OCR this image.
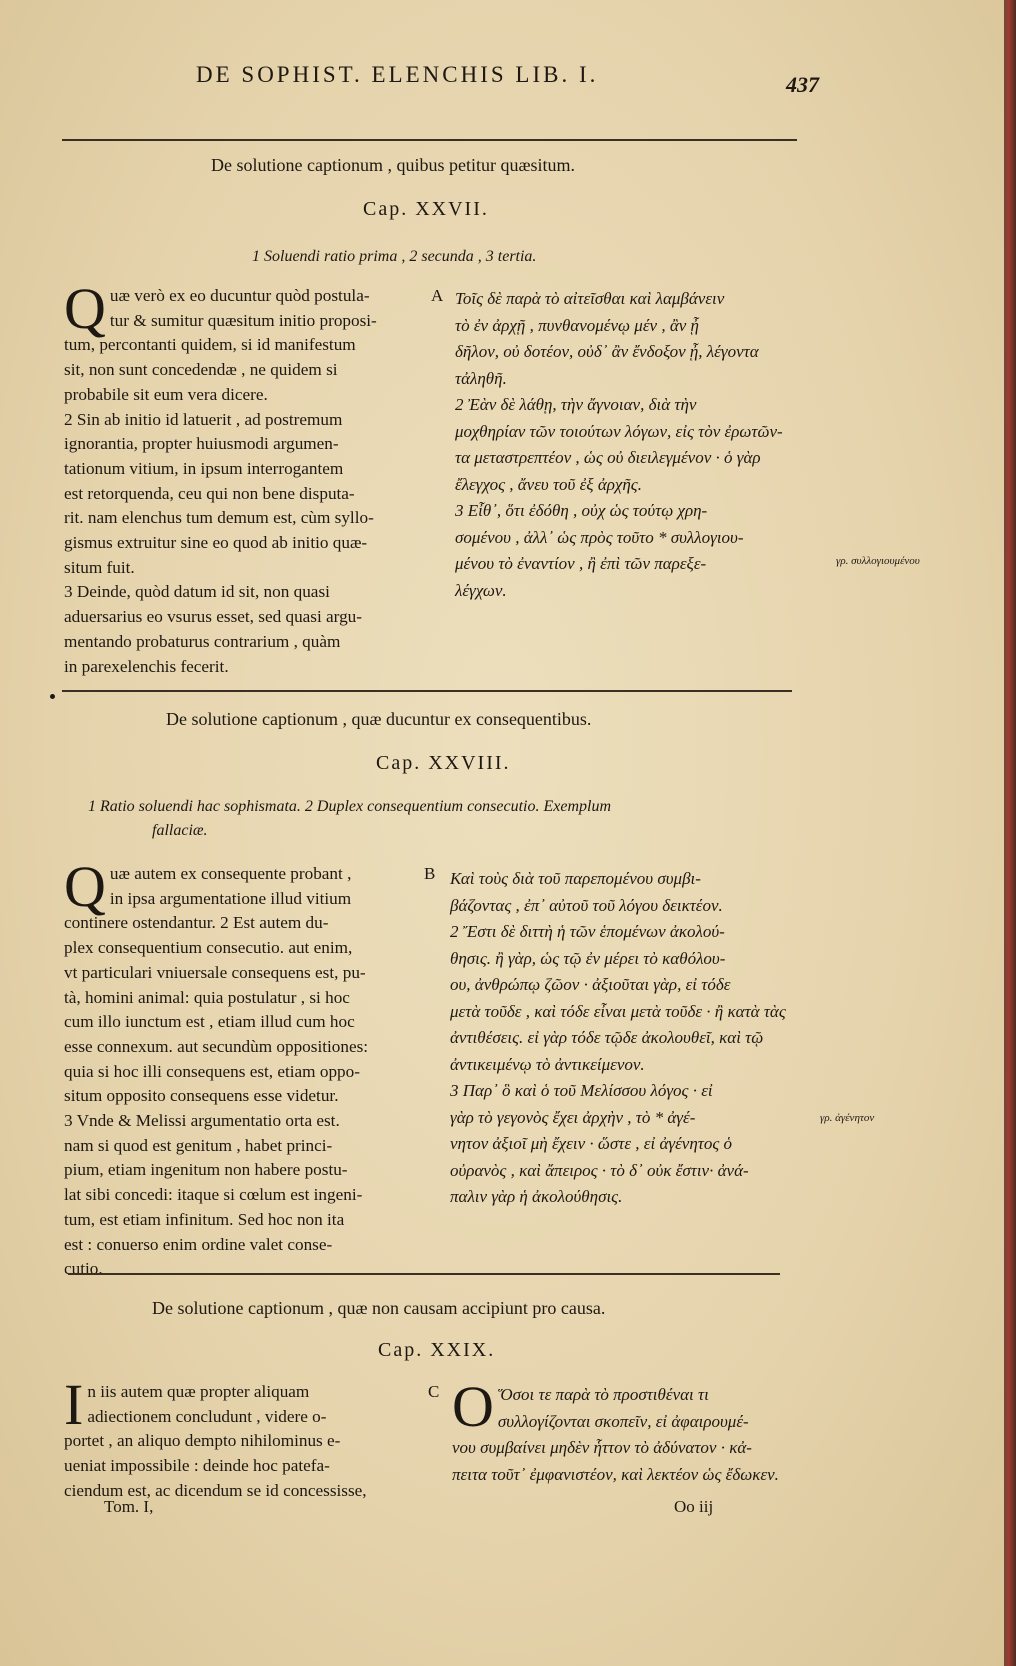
DE SOPHIST. ELENCHIS LIB. I.	437
De solutione captionum , quibus petitur quæsitum.
Cap. XXVII.
1 Soluendi ratio prima , 2 secunda , 3 tertia.

Quæ verò ex eo ducuntur quòd postula-

tur & sumitur quæsitum initio proposi-

tum, percontanti quidem, si id manifestum

sit, non sunt concedendæ , ne quidem si

probabile sit eum vera dicere.

2 Sin ab initio id latuerit , ad postremum

ignorantia, propter huiusmodi argumen-

tationum vitium, in ipsum interrogantem

est retorquenda, ceu qui non bene disputa-

rit. nam elenchus tum demum est, cùm syllo-

gismus extruitur sine eo quod ab initio quæ-

situm fuit.

3 Deinde, quòd datum id sit, non quasi

aduersarius eo vsurus esset, sed quasi argu-

mentando probaturus contrarium , quàm

in parexelenchis fecerit.

A Τοῖς δὲ παρὰ τὸ αἰτεῖσθαι καὶ λαμβάνειν

τὸ ἐν ἀρχῇ , πυνθανομένῳ μέν , ἂν ᾖ

δῆλον, οὐ δοτέον, οὐδ᾽ ἂν ἔνδοξον ᾖ, λέγοντα

τἀληθῆ.

2 Ἐὰν δὲ λάθῃ, τὴν ἄγνοιαν, διὰ τὴν

μοχθηρίαν τῶν τοιούτων λόγων, εἰς τὸν ἐρωτῶν-

τα μεταστρεπτέον , ὡς οὐ διειλεγμένον · ὁ γὰρ

ἔλεγχος , ἄνευ τοῦ ἐξ ἀρχῆς.

3 Εἶθ᾽, ὅτι ἐδόθη , οὐχ ὡς τούτῳ χρη-

σομένου , ἀλλ᾽ ὡς πρὸς τοῦτο * συλλογιου-

μένου τὸ ἐναντίον , ἢ ἐπὶ τῶν παρεξε-

λέγχων.

γρ. συλλογιουμένου
De solutione captionum , quæ ducuntur ex consequentibus.
Cap. XXVIII.
1 Ratio soluendi hac sophismata. 2 Duplex consequentium consecutio. Exemplum
fallaciæ.

Quæ autem ex consequente probant ,

in ipsa argumentatione illud vitium

continere ostendantur. 2 Est autem du-

plex consequentium consecutio. aut enim,

vt particulari vniuersale consequens est, pu-

tà, homini animal: quia postulatur , si hoc

cum illo iunctum est , etiam illud cum hoc

esse connexum. aut secundùm oppositiones:

quia si hoc illi consequens est, etiam oppo-

situm opposito consequens esse videtur.

3 Vnde & Melissi argumentatio orta est.

nam si quod est genitum , habet princi-

pium, etiam ingenitum non habere postu-

lat sibi concedi: itaque si cœlum est ingeni-

tum, est etiam infinitum. Sed hoc non ita

est : conuerso enim ordine valet conse-

cutio.

B Καὶ τοὺς διὰ τοῦ παρεπομένου συμβι-

βάζοντας , ἐπ᾽ αὐτοῦ τοῦ λόγου δεικτέον.

2 Ἔστι δὲ διττὴ ἡ τῶν ἑπομένων ἀκολού-

θησις. ἢ γὰρ, ὡς τῷ ἐν μέρει τὸ καθόλου-

ου, ἀνθρώπῳ ζῶον · ἀξιοῦται γὰρ, εἰ τόδε

μετὰ τοῦδε , καὶ τόδε εἶναι μετὰ τοῦδε · ἢ κατὰ τὰς

ἀντιθέσεις. εἰ γὰρ τόδε τῷδε ἀκολουθεῖ, καὶ τῷ

ἀντικειμένῳ τὸ ἀντικείμενον.

3 Παρ᾽ ὃ καὶ ὁ τοῦ Μελίσσου λόγος · εἰ

γὰρ τὸ γεγονὸς ἔχει ἀρχὴν , τὸ * ἀγέ-

νητον ἀξιοῖ μὴ ἔχειν · ὥστε , εἰ ἀγένητος ὁ

οὐρανὸς , καὶ ἄπειρος · τὸ δ᾽ οὐκ ἔστιν· ἀνά-

παλιν γὰρ ἡ ἀκολούθησις.

γρ. ἀγένητον
De solutione captionum , quæ non causam accipiunt pro causa.
Cap. XXIX.

In iis autem quæ propter aliquam

adiectionem concludunt , videre o-

portet , an aliquo dempto nihilominus e-

ueniat impossibile : deinde hoc patefa-

ciendum est, ac dicendum se id concessisse,

C Ο Ὅσοι τε παρὰ τὸ προστιθέναι τι

συλλογίζονται σκοπεῖν, εἰ ἀφαιρουμέ-

νου συμβαίνει μηδὲν ἧττον τὸ ἀδύνατον · κἀ-

πειτα τοῦτ᾽ ἐμφανιστέον, καὶ λεκτέον ὡς ἔδωκεν.

Tom. I,	Oo iij
